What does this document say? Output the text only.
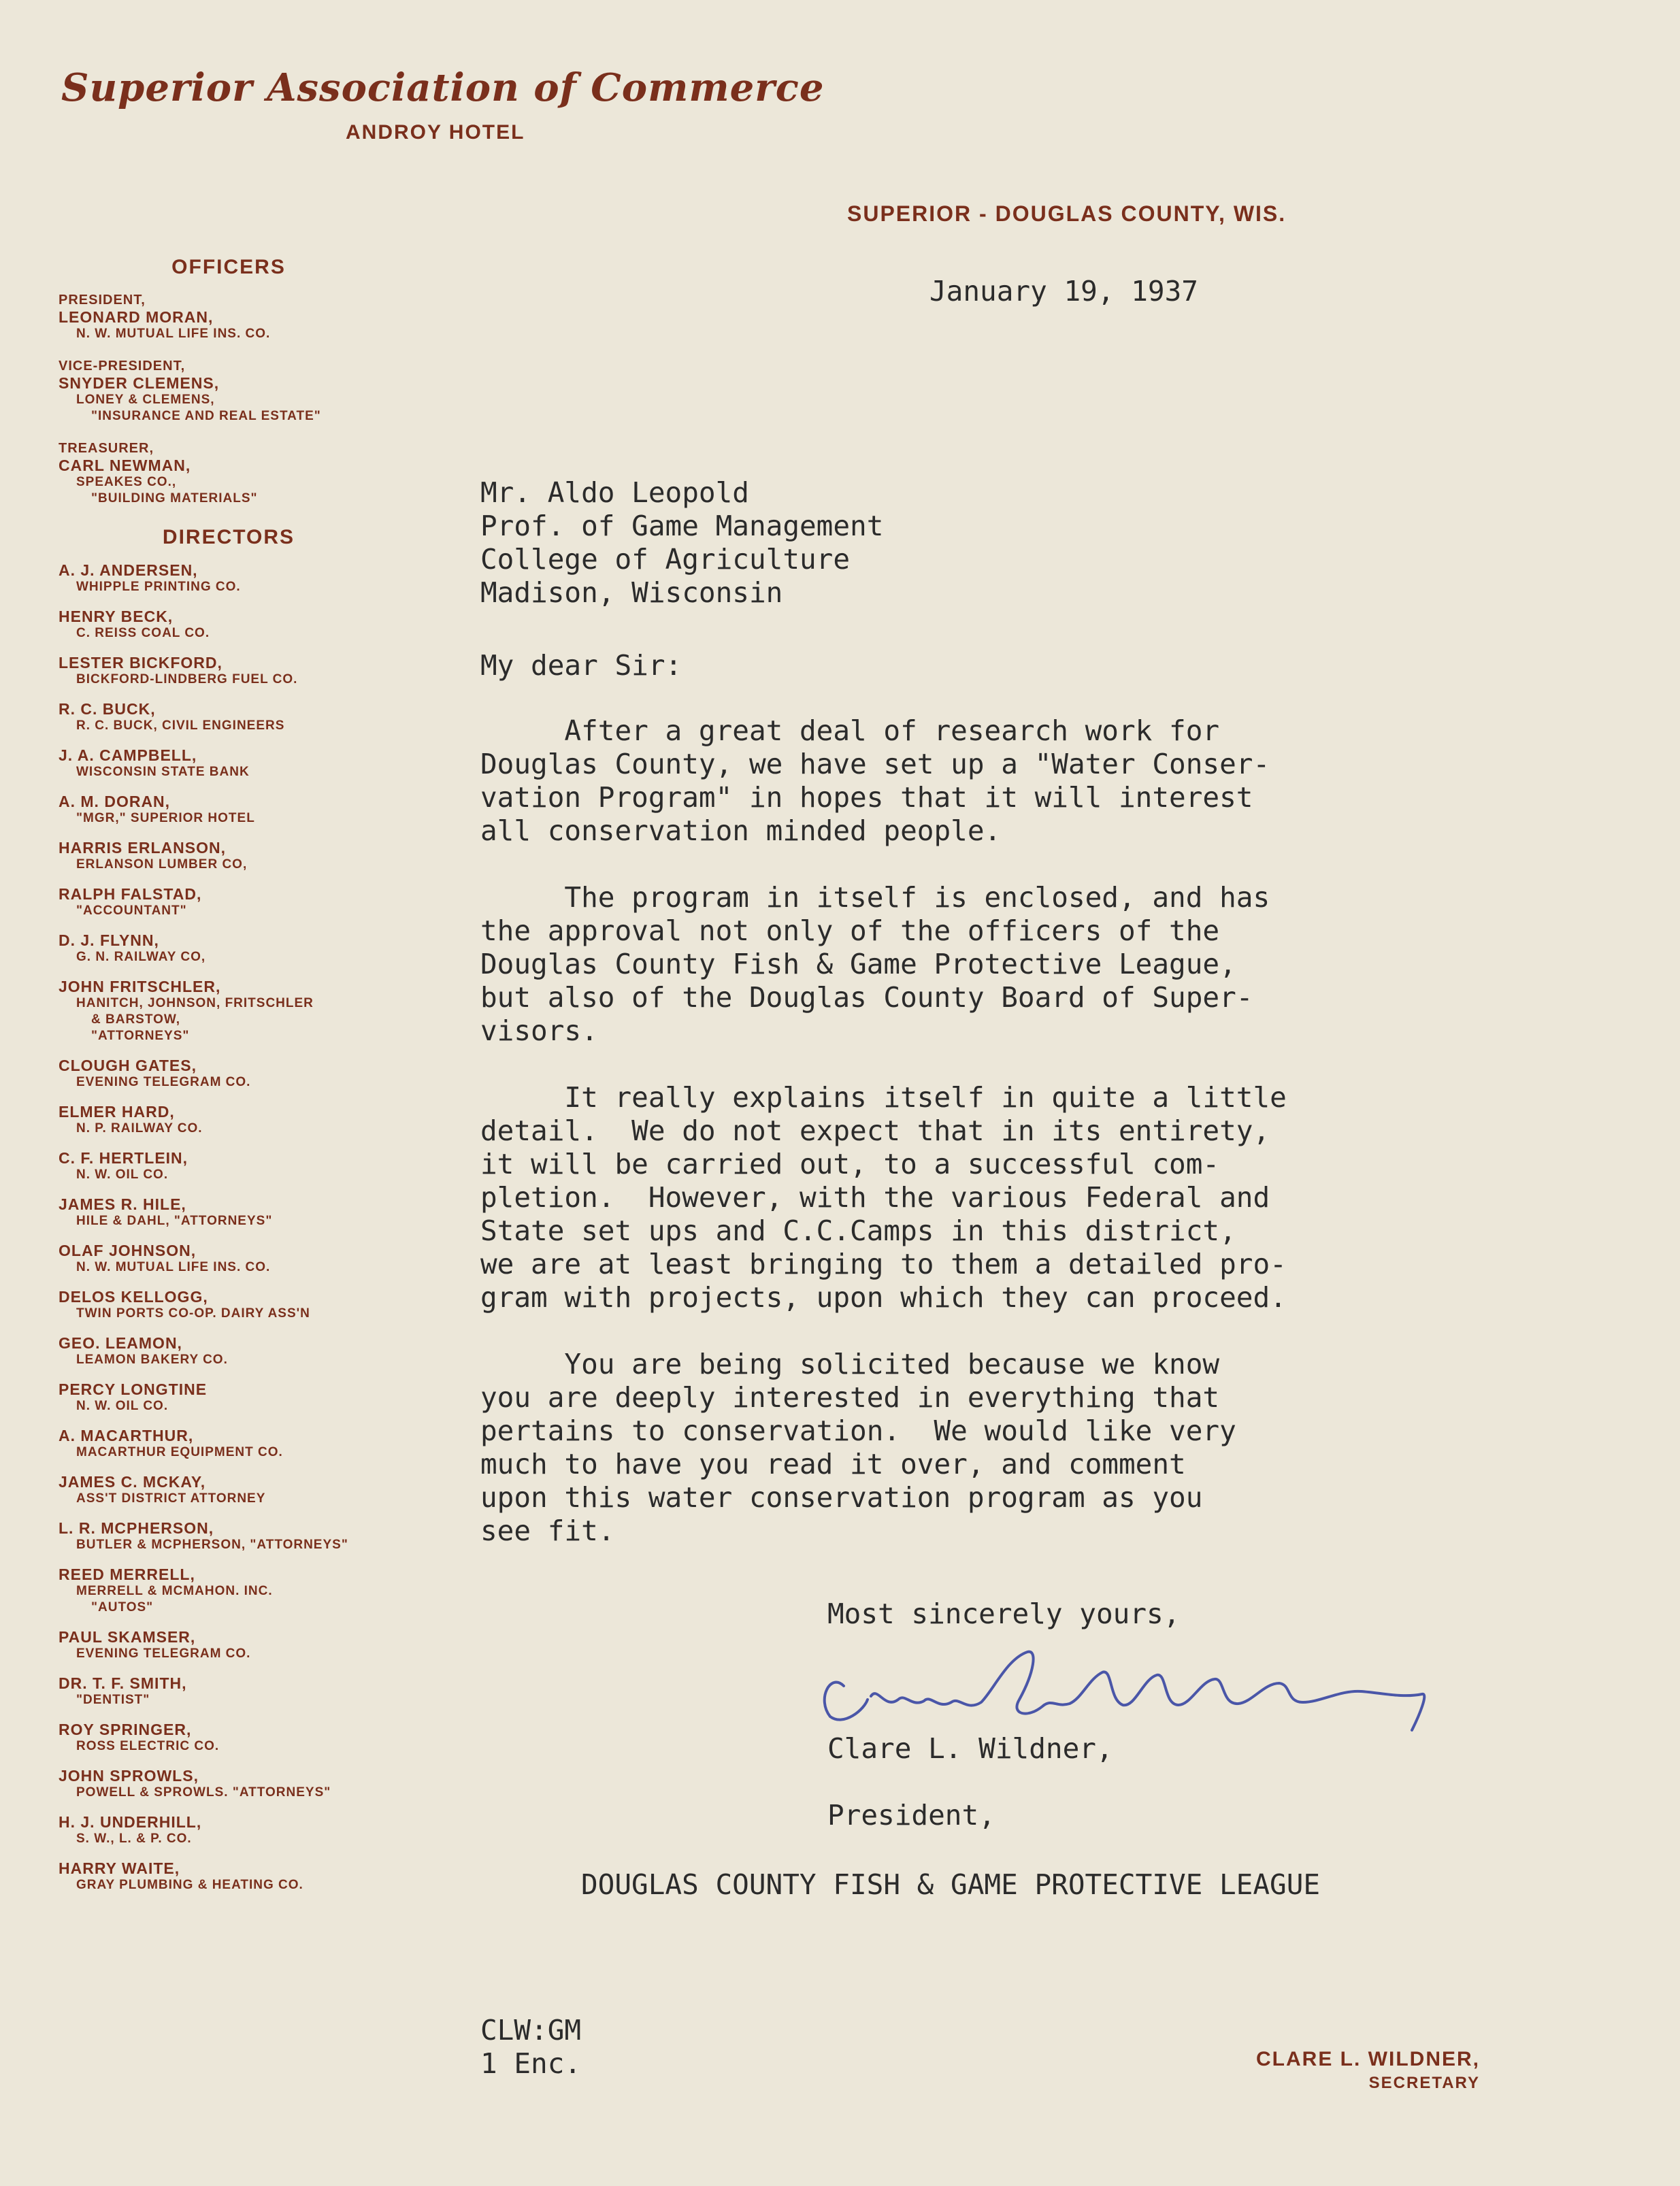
Superior Association of Commerce
ANDROY HOTEL
SUPERIOR - DOUGLAS COUNTY, WIS.
OFFICERS
PRESIDENT,
LEONARD MORAN,
N. W. MUTUAL LIFE INS. CO.
VICE-PRESIDENT,
SNYDER CLEMENS,
LONEY & CLEMENS,
"INSURANCE AND REAL ESTATE"
TREASURER,
CARL NEWMAN,
SPEAKES CO.,
"BUILDING MATERIALS"
DIRECTORS
A. J. ANDERSEN,
WHIPPLE PRINTING CO.
HENRY BECK,
C. REISS COAL CO.
LESTER BICKFORD,
BICKFORD-LINDBERG FUEL CO.
R. C. BUCK,
R. C. BUCK, CIVIL ENGINEERS
J. A. CAMPBELL,
WISCONSIN STATE BANK
A. M. DORAN,
"MGR," SUPERIOR HOTEL
HARRIS ERLANSON,
ERLANSON LUMBER CO,
RALPH FALSTAD,
"ACCOUNTANT"
D. J. FLYNN,
G. N. RAILWAY CO,
JOHN FRITSCHLER,
HANITCH, JOHNSON, FRITSCHLER
& BARSTOW,
"ATTORNEYS"
CLOUGH GATES,
EVENING TELEGRAM CO.
ELMER HARD,
N. P. RAILWAY CO.
C. F. HERTLEIN,
N. W. OIL CO.
JAMES R. HILE,
HILE & DAHL, "ATTORNEYS"
OLAF JOHNSON,
N. W. MUTUAL LIFE INS. CO.
DELOS KELLOGG,
TWIN PORTS CO-OP. DAIRY ASS'N
GEO. LEAMON,
LEAMON BAKERY CO.
PERCY LONGTINE
N. W. OIL CO.
A. MACARTHUR,
MACARTHUR EQUIPMENT CO.
JAMES C. MCKAY,
ASS'T DISTRICT ATTORNEY
L. R. MCPHERSON,
BUTLER & MCPHERSON, "ATTORNEYS"
REED MERRELL,
MERRELL & MCMAHON. INC.
"AUTOS"
PAUL SKAMSER,
EVENING TELEGRAM CO.
DR. T. F. SMITH,
"DENTIST"
ROY SPRINGER,
ROSS ELECTRIC CO.
JOHN SPROWLS,
POWELL & SPROWLS. "ATTORNEYS"
H. J. UNDERHILL,
S. W., L. & P. CO.
HARRY WAITE,
GRAY PLUMBING & HEATING CO.
January 19, 1937
Mr. Aldo Leopold
Prof. of Game Management
College of Agriculture
Madison, Wisconsin
My dear Sir:
After a great deal of research work for
Douglas County, we have set up a "Water Conser-
vation Program" in hopes that it will interest
all conservation minded people.
The program in itself is enclosed, and has
the approval not only of the officers of the
Douglas County Fish & Game Protective League,
but also of the Douglas County Board of Super-
visors.
It really explains itself in quite a little
detail.  We do not expect that in its entirety,
it will be carried out, to a successful com-
pletion.  However, with the various Federal and
State set ups and C.C.Camps in this district,
we are at least bringing to them a detailed pro-
gram with projects, upon which they can proceed.
You are being solicited because we know
you are deeply interested in everything that
pertains to conservation.  We would like very
much to have you read it over, and comment
upon this water conservation program as you
see fit.
Most sincerely yours,
Clare L. Wildner,
President,
DOUGLAS COUNTY FISH & GAME PROTECTIVE LEAGUE
CLW:GM
1 Enc.	CLARE L. WILDNER,
SECRETARY
